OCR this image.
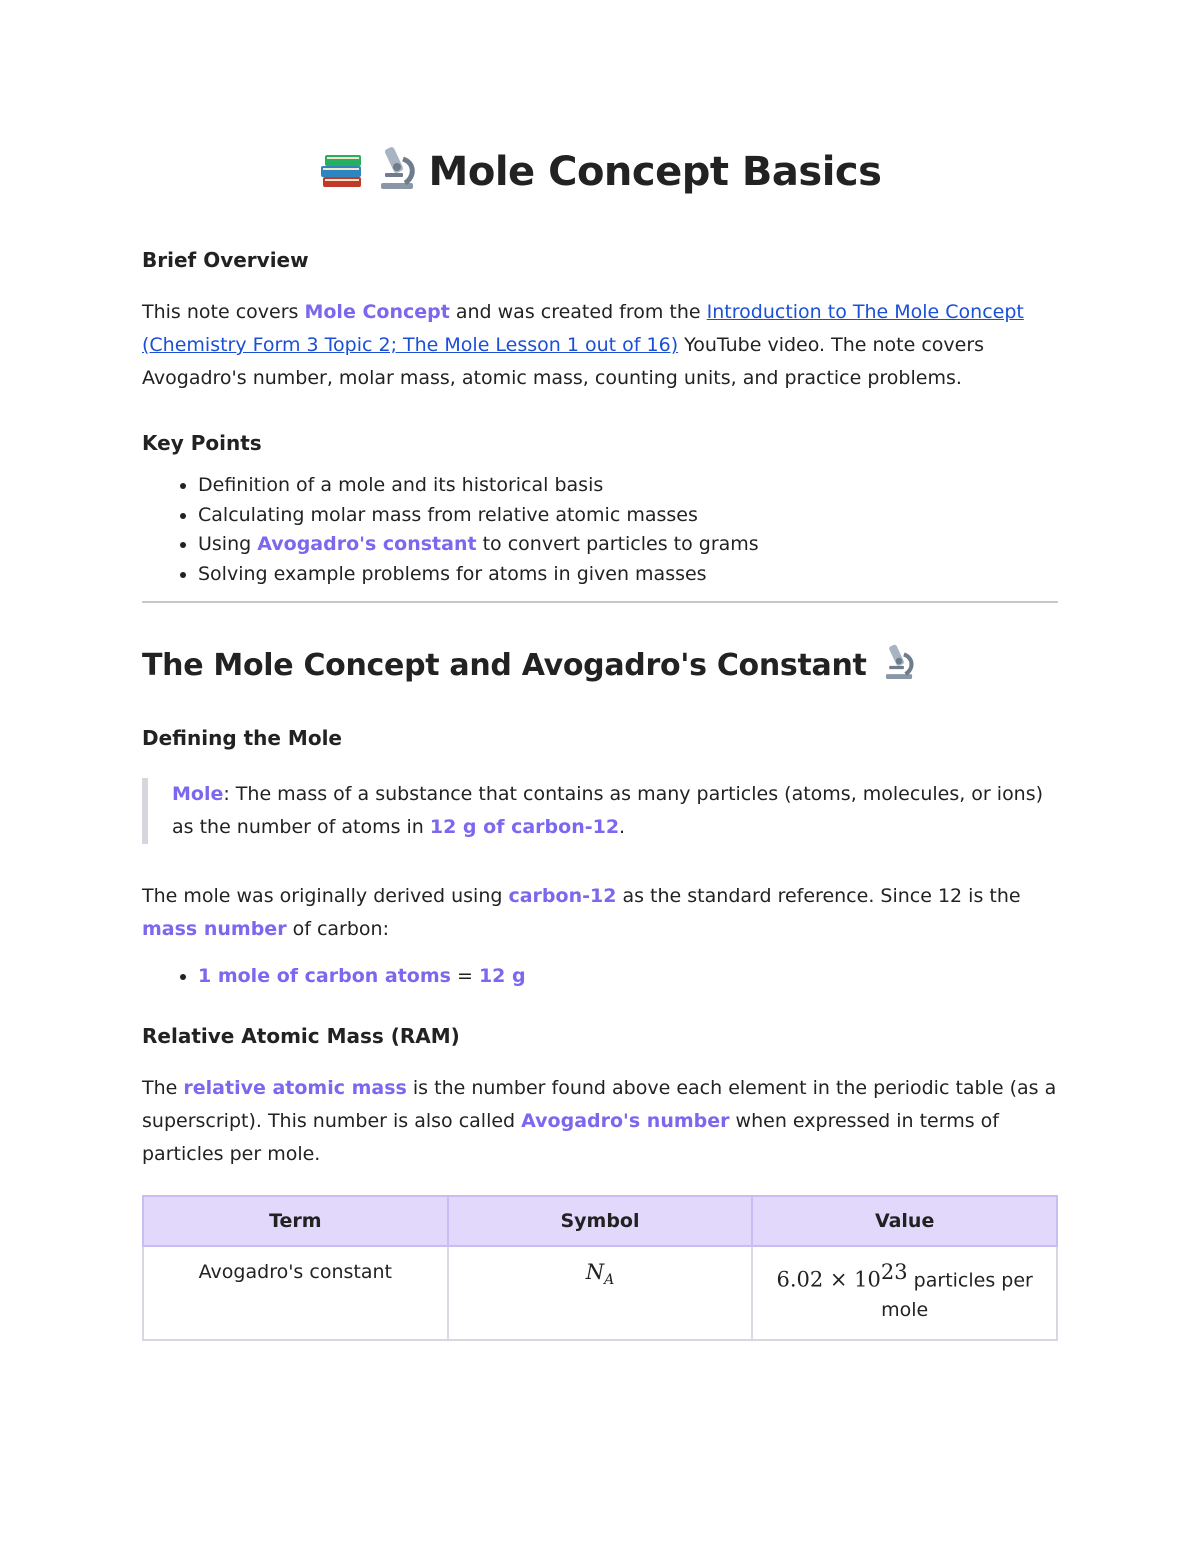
Mole Concept Basics
Brief Overview

This note covers Mole Concept and was created from the Introduction to The Mole Concept (Chemistry Form 3 Topic 2; The Mole Lesson 1 out of 16) YouTube video. The note covers Avogadro's number, molar mass, atomic mass, counting units, and practice problems.

Key Points
• Definition of a mole and its historical basis
• Calculating molar mass from relative atomic masses
• Using Avogadro's constant to convert particles to grams
• Solving example problems for atoms in given masses
The Mole Concept and Avogadro's Constant
Defining the Mole

Mole: The mass of a substance that contains as many particles (atoms, molecules, or ions) as the number of atoms in 12 g of carbon-12.

The mole was originally derived using carbon-12 as the standard reference. Since 12 is the mass number of carbon:

• 1 mole of carbon atoms = 12 g
Relative Atomic Mass (RAM)

The relative atomic mass is the number found above each element in the periodic table (as a superscript). This number is also called Avogadro's number when expressed in terms of particles per mole.

Term	Symbol	Value
Avogadro's constant	$N_A$	$6.02 \times 10^{23}$ particles per mole
